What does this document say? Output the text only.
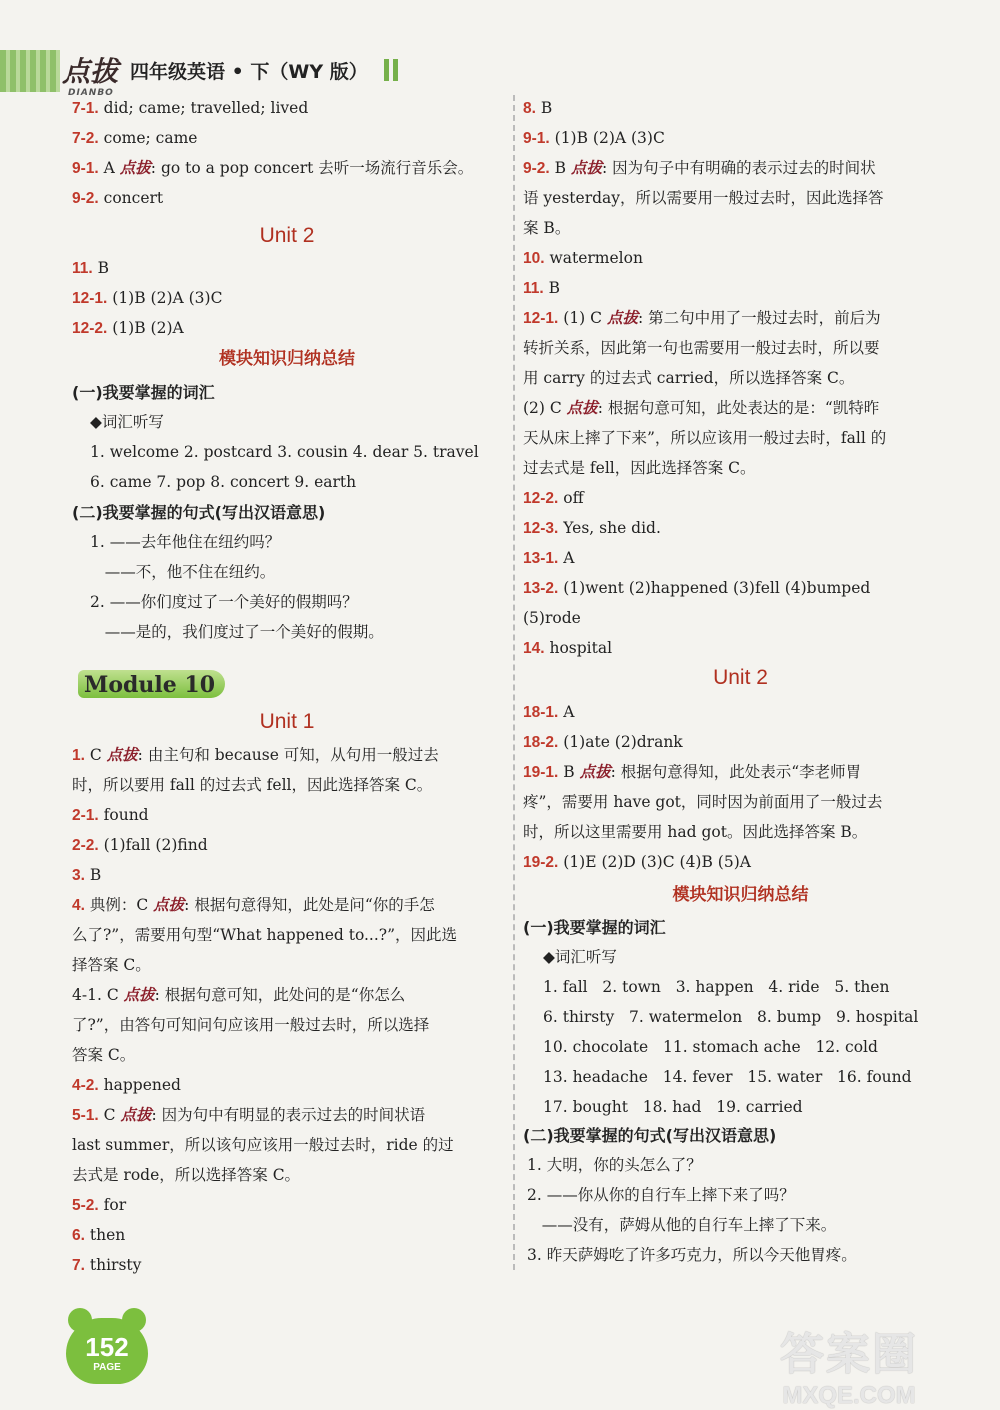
点拔
DIANBO
四年级英语 • 下（WY 版）
7-1. did; came; travelled; lived
7-2. come; came
9-1. A 点拔: go to a pop concert 去听一场流行音乐会。
9-2. concert
Unit 2
11. B
12-1. (1)B (2)A (3)C
12-2. (1)B (2)A
模块知识归纳总结
(一)我要掌握的词汇
◆词汇听写
1. welcome 2. postcard 3. cousin 4. dear 5. travel
6. came 7. pop 8. concert 9. earth
(二)我要掌握的句式(写出汉语意思)
1. ——去年他住在纽约吗？
——不，他不住在纽约。
2. ——你们度过了一个美好的假期吗？
——是的，我们度过了一个美好的假期。
Unit 1
1. C 点拔: 由主句和 because 可知，从句用一般过去
时，所以要用 fall 的过去式 fell，因此选择答案 C。
2-1. found
2-2. (1)fall (2)find
3. B
4. 典例：C 点拔: 根据句意得知，此处是问“你的手怎
么了?”，需要用句型“What happened to...?”，因此选
择答案 C。
4-1. C 点拔: 根据句意可知，此处问的是“你怎么
了?”，由答句可知问句应该用一般过去时，所以选择
答案 C。
4-2. happened
5-1. C 点拔: 因为句中有明显的表示过去的时间状语
last summer，所以该句应该用一般过去时，ride 的过
去式是 rode，所以选择答案 C。
5-2. for
6. then
7. thirsty
Module 10
8. B
9-1. (1)B (2)A (3)C
9-2. B 点拔: 因为句子中有明确的表示过去的时间状
语 yesterday，所以需要用一般过去时，因此选择答
案 B。
10. watermelon
11. B
12-1. (1) C 点拔: 第二句中用了一般过去时，前后为
转折关系，因此第一句也需要用一般过去时，所以要
用 carry 的过去式 carried，所以选择答案 C。
(2) C 点拔: 根据句意可知，此处表达的是：“凯特昨
天从床上摔了下来”，所以应该用一般过去时，fall 的
过去式是 fell，因此选择答案 C。
12-2. off
12-3. Yes, she did.
13-1. A
13-2. (1)went (2)happened (3)fell (4)bumped
(5)rode
14. hospital
Unit 2
18-1. A
18-2. (1)ate (2)drank
19-1. B 点拔: 根据句意得知，此处表示“李老师胃
疼”，需要用 have got，同时因为前面用了一般过去
时，所以这里需要用 had got。因此选择答案 B。
19-2. (1)E (2)D (3)C (4)B (5)A
模块知识归纳总结
(一)我要掌握的词汇
◆词汇听写
1. fall   2. town   3. happen   4. ride   5. then
6. thirsty   7. watermelon   8. bump   9. hospital
10. chocolate   11. stomach ache   12. cold
13. headache   14. fever   15. water   16. found
17. bought   18. had   19. carried
(二)我要掌握的句式(写出汉语意思)
1. 大明，你的头怎么了？
2. ——你从你的自行车上摔下来了吗？
——没有，萨姆从他的自行车上摔了下来。
3. 昨天萨姆吃了许多巧克力，所以今天他胃疼。
152
PAGE	答案圈
MXQE.COM
